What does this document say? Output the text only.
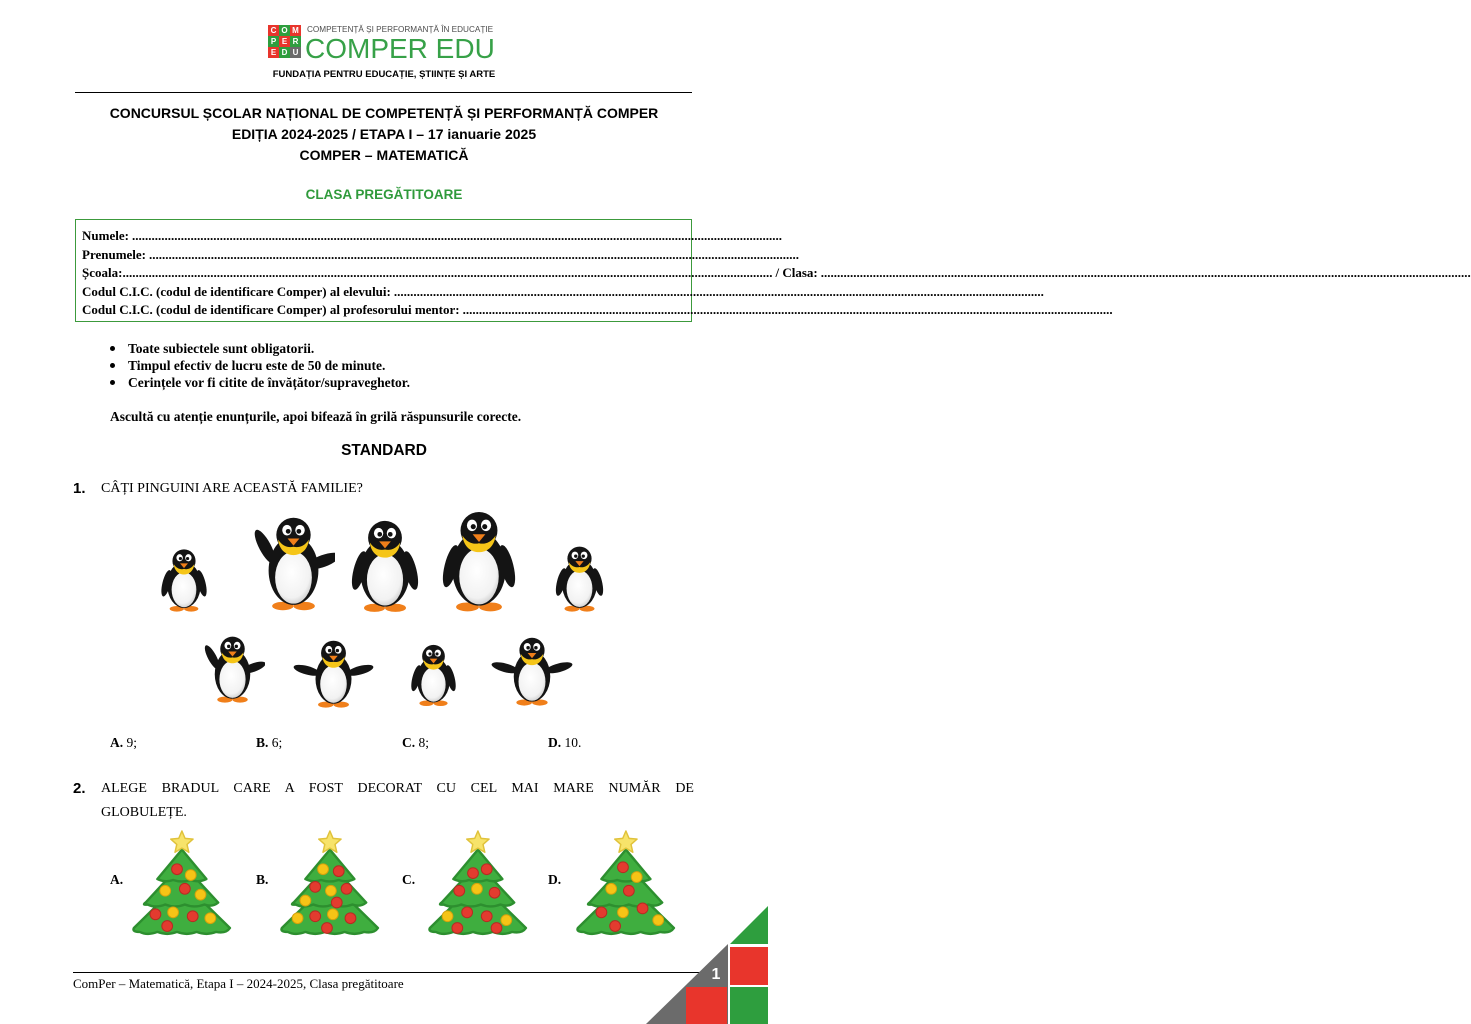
C O M
P E R
E D U
COMPETENȚĂ ȘI PERFORMANȚĂ ÎN EDUCAȚIE
COMPER EDU
FUNDAȚIA PENTRU EDUCAȚIE, ȘTIINȚE ȘI ARTE
CONCURSUL ȘCOLAR NAȚIONAL DE COMPETENȚĂ ȘI PERFORMANȚĂ COMPER
EDIȚIA 2024-2025 / ETAPA I – 17 ianuarie 2025
COMPER – MATEMATICĂ
CLASA PREGĂTITOARE
Numele: ........................................................................................................................................................................................................
Prenumele: ........................................................................................................................................................................................................
Școala: ........................................................................................................................................................................................................ / Clasa: ........................................................................................................................................................................................................
Codul C.I.C. (codul de identificare Comper) al elevului: ........................................................................................................................................................................................................
Codul C.I.C. (codul de identificare Comper) al profesorului mentor: ........................................................................................................................................................................................................
Toate subiectele sunt obligatorii.
Timpul efectiv de lucru este de 50 de minute.
Cerințele vor fi citite de învățător/supraveghetor.
Ascultă cu atenție enunțurile, apoi bifează în grilă răspunsurile corecte.
STANDARD
1. CÂȚI PINGUINI ARE ACEASTĂ FAMILIE?
A. 9;	B. 6;	C. 8;	D. 10.
2. ALEGE BRADUL CARE A FOST DECORAT CU CEL MAI MARE NUMĂR DE
GLOBULEȚE.
A.	B.	C.	D.
ComPer – Matematică, Etapa I – 2024-2025, Clasa pregătitoare
1
